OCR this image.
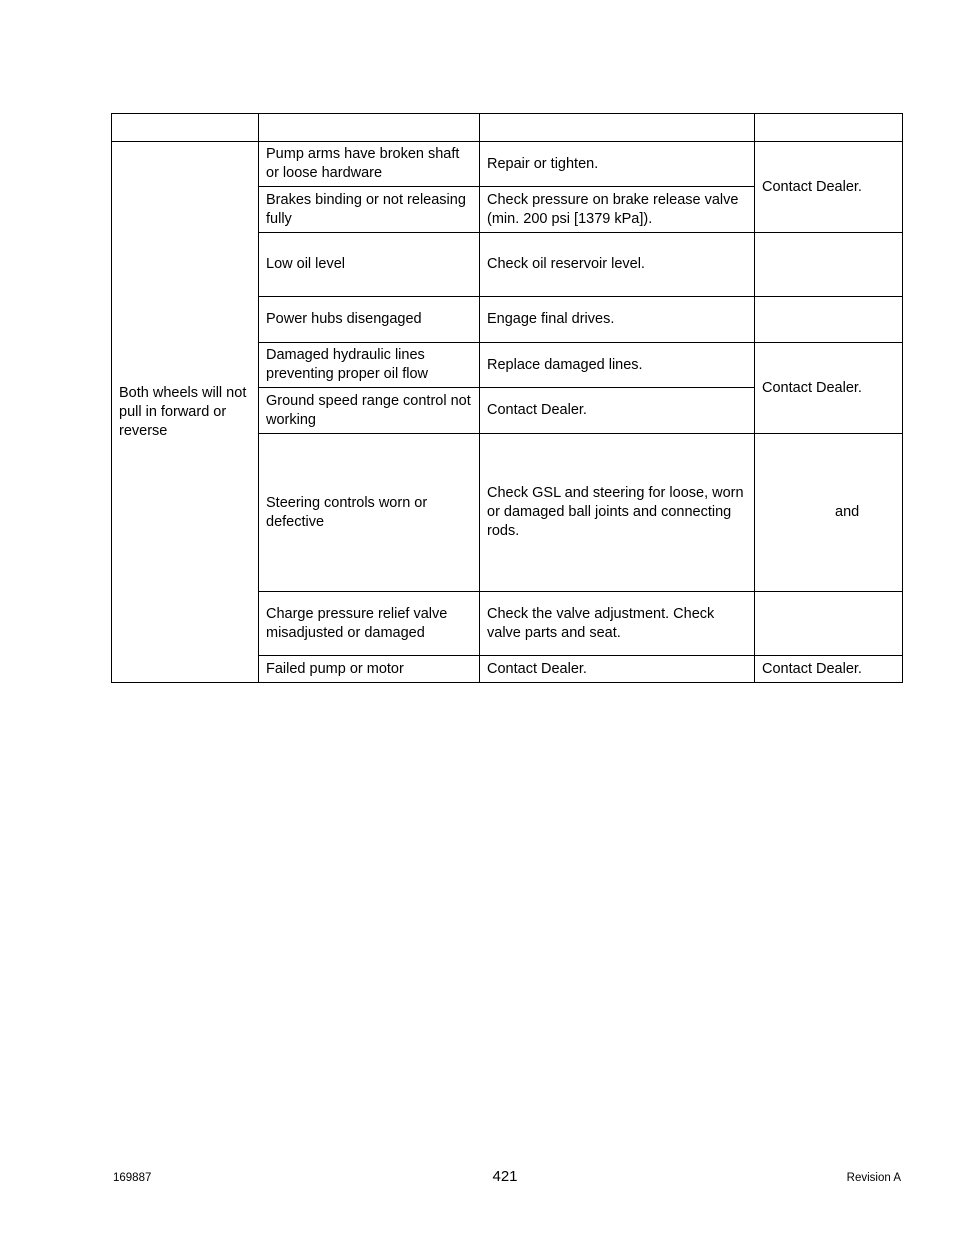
Both wheels will not pull in forward or reverse	Pump arms have broken shaft or loose hardware	Repair or tighten.	Contact Dealer.
	Brakes binding or not releasing fully	Check pressure on brake release valve (min. 200 psi [1379 kPa]).	
	Low oil level	Check oil reservoir level.	
	Power hubs disengaged	Engage final drives.	
	Damaged hydraulic lines preventing proper oil flow	Replace damaged lines.	Contact Dealer.
	Ground speed range control not working	Contact Dealer.	
	Steering controls worn or defective	Check GSL and steering for loose, worn or damaged ball joints and connecting rods.	and
	Charge pressure relief valve misadjusted or damaged	Check the valve adjustment. Check valve parts and seat.	
	Failed pump or motor	Contact Dealer.	Contact Dealer.
169887	421	Revision A
